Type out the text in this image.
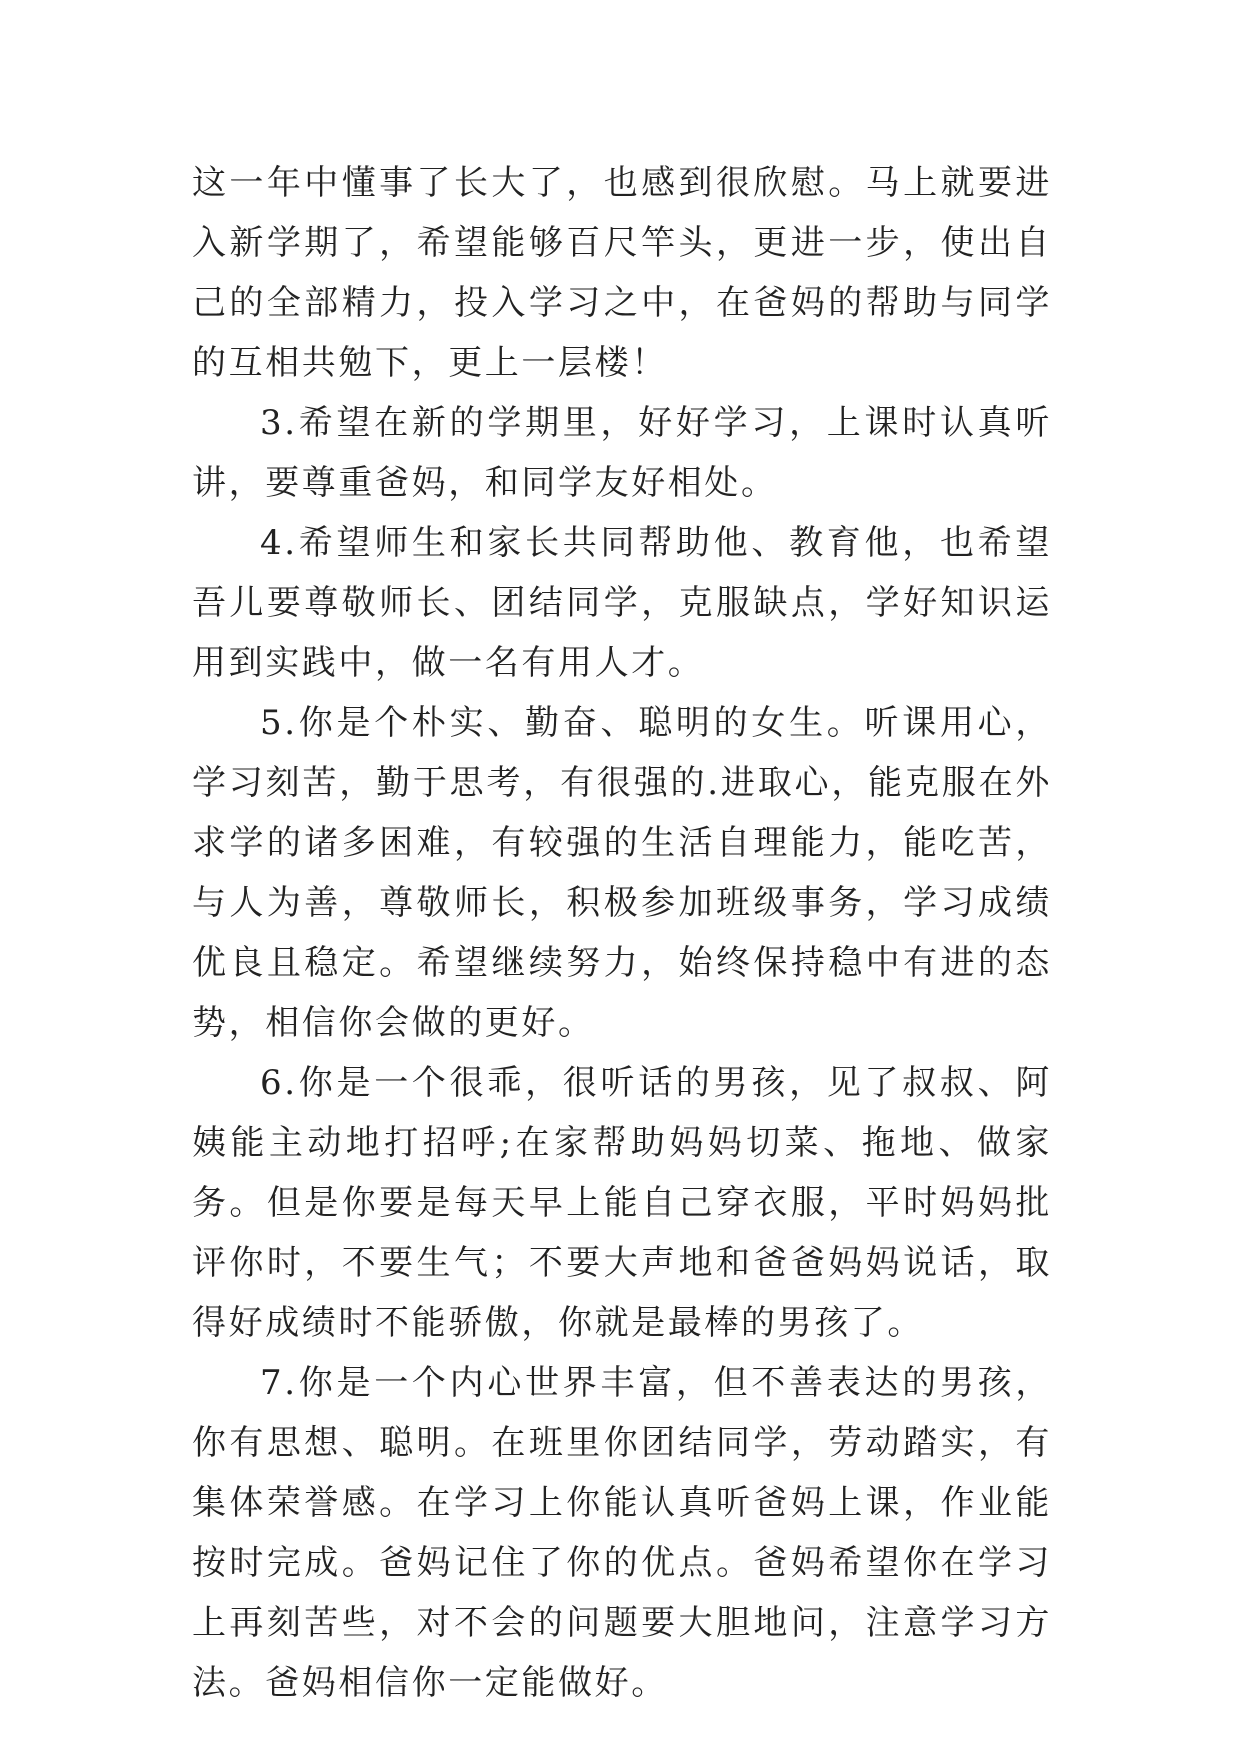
这一年中懂事了长大了，也感到很欣慰。马上就要进入新学期了，希望能够百尺竿头，更进一步，使出自己的全部精力，投入学习之中，在爸妈的帮助与同学的互相共勉下，更上一层楼！

3.希望在新的学期里，好好学习，上课时认真听讲，要尊重爸妈，和同学友好相处。

4.希望师生和家长共同帮助他、教育他，也希望吾儿要尊敬师长、团结同学，克服缺点，学好知识运用到实践中，做一名有用人才。

5.你是个朴实、勤奋、聪明的女生。听课用心，学习刻苦，勤于思考，有很强的.进取心，能克服在外求学的诸多困难，有较强的生活自理能力，能吃苦，与人为善，尊敬师长，积极参加班级事务，学习成绩优良且稳定。希望继续努力，始终保持稳中有进的态势，相信你会做的更好。

6.你是一个很乖，很听话的男孩，见了叔叔、阿姨能主动地打招呼;在家帮助妈妈切菜、拖地、做家务。但是你要是每天早上能自己穿衣服，平时妈妈批评你时，不要生气；不要大声地和爸爸妈妈说话，取得好成绩时不能骄傲，你就是最棒的男孩了。

7.你是一个内心世界丰富，但不善表达的男孩，你有思想、聪明。在班里你团结同学，劳动踏实，有集体荣誉感。在学习上你能认真听爸妈上课，作业能按时完成。爸妈记住了你的优点。爸妈希望你在学习上再刻苦些，对不会的问题要大胆地问，注意学习方法。爸妈相信你一定能做好。
